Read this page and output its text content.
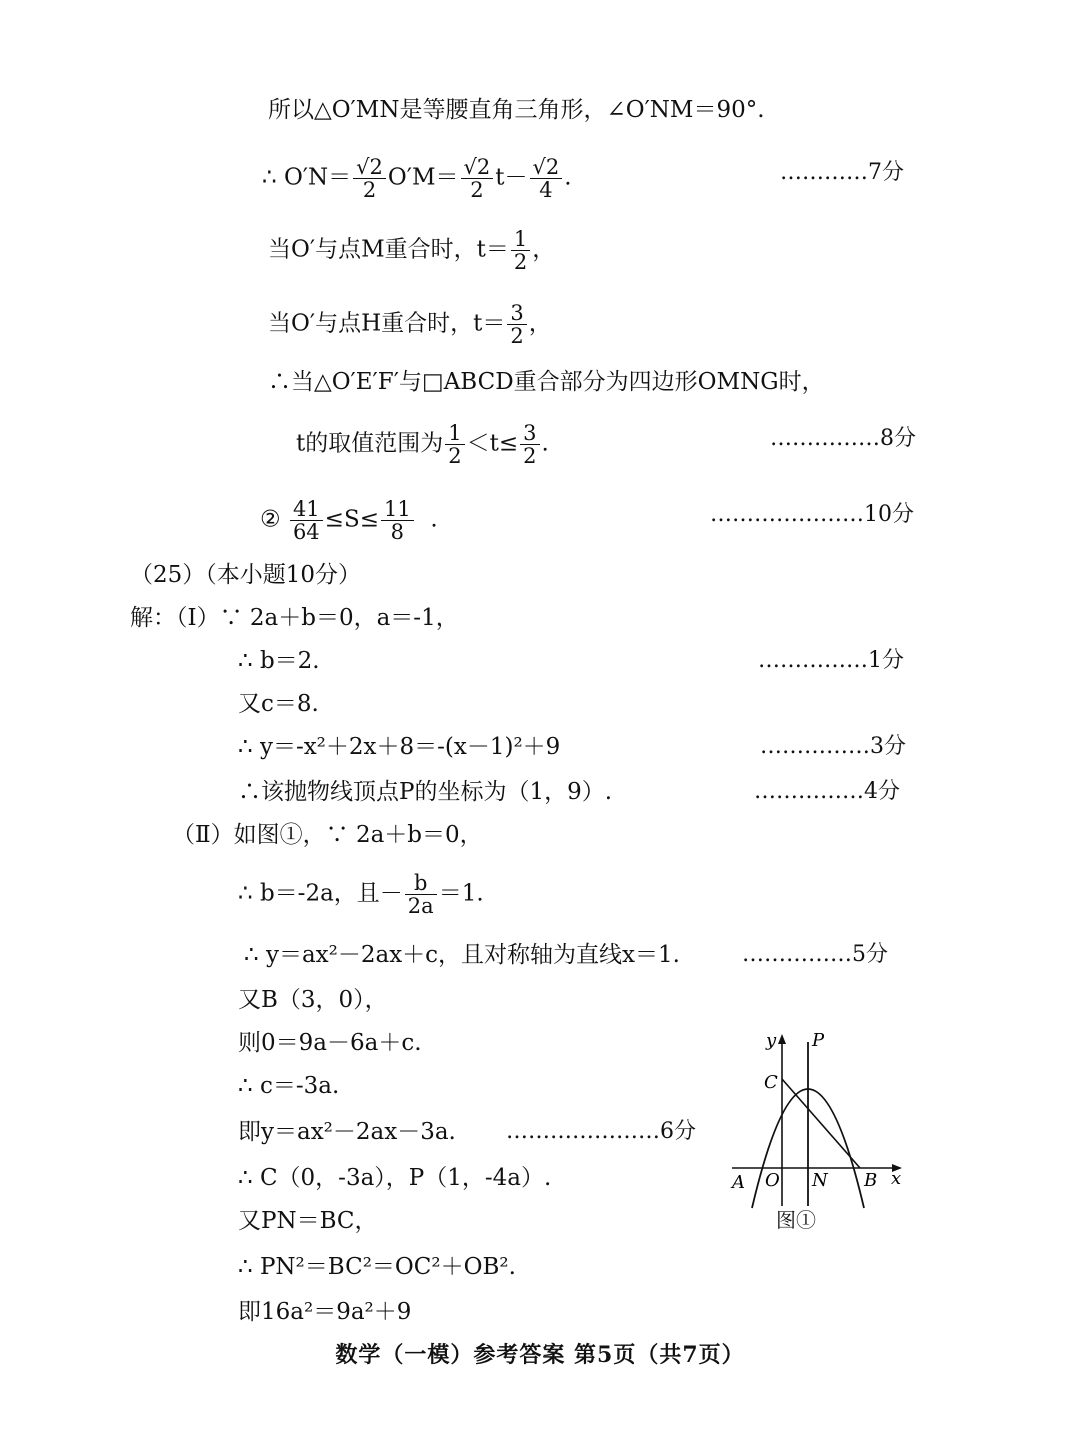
所以△O′MN是等腰直角三角形，∠O′NM＝90°.
∴ $O'N= \frac{√2}{2} O'M= \frac{√2}{2} t- \frac{√2}{4}$ .	…………7分
当O′与点M重合时，$t= \frac{1}{2}$ ，
当O′与点H重合时，$t= \frac{3}{2}$ ，
∴当△O′E′F′与□ABCD重合部分为四边形OMNG时，
t的取值范围为 $\frac{1}{2} <t\le \frac{3}{2}$ .	……………8分
② $\frac{41}{64} \le S\le \frac{11}{8}$ .	…………………10分
（25）（本小题10分）
解：（Ⅰ）∵ 2a＋b＝0，a＝-1，
∴ b＝2.	……………1分
又c＝8.
∴ y＝-x²＋2x＋8＝-(x－1)²＋9	……………3分
∴该抛物线顶点P的坐标为（1，9）.	……………4分
（Ⅱ）如图①，∵ 2a＋b＝0，
∴ b＝-2a，且－ $\frac{b}{2a} =1$.
∴ y＝ax²－2ax＋c，且对称轴为直线x＝1.	……………5分
又B（3，0），
则0＝9a－6a＋c.
∴ c＝-3a.
即y＝ax²－2ax－3a. …………………6分
∴ C（0，-3a），P（1，-4a）.
又PN＝BC，
∴ PN²＝BC²＝OC²＋OB².
即16a²＝9a²＋9
y P
C
A O N B x
图①
数学（一模）参考答案 第5页（共7页）
